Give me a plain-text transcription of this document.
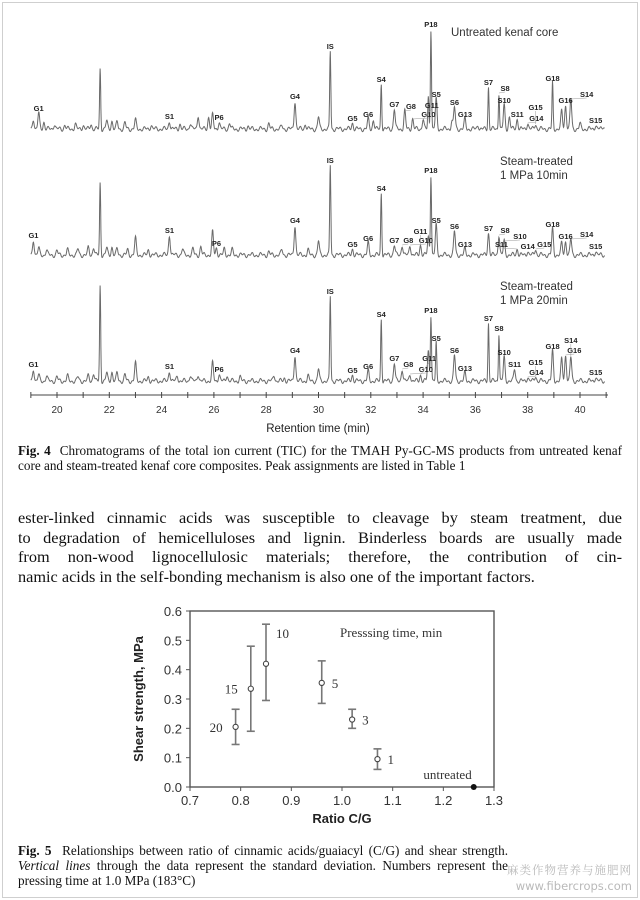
G1
S1	P6
G4
IS
G5 G6
S4
G7 G8
G10
G11
P18
S5
S6
G13
S7
S8
S10
S11 G14
G15
G18
G16
S14
S15
Untreated kenaf core
G1
S1
P6
G4
IS
G5
G6
S4
G7 G8 G10
G11
P18
S5
S6
G13
S7 S8
S10
S11 G14 G15
G18
G16 S14
S15
Steam-treated
1 MPa 10min
G1	S1	P6
G4
IS
G5 G6
S4
G7
G8
G10
G11
P18
S5
S6
G13
S7
S8
S10
S11
G14
G15
G18 G16
S14
S15
Steam-treated
1 MPa 20min
20	22	24	26	28	30	32	34	36	38	40
Retention time (min)
Fig. 4 Chromatograms of the total ion current (TIC) for the TMAH Py-GC-MS products from untreated kenaf core and steam-treated kenaf core composites. Peak assignments are listed in Table 1

ester-linked cinnamic acids was susceptible to cleavage by steam treatment, due

to degradation of hemicelluloses and lignin. Binderless boards are usually made

from non-wood lignocellulosic materials; therefore, the contribution of cin-

namic acids in the self-bonding mechanism is also one of the important factors.

0.0
0.1
0.2
0.3
0.4
0.5
0.6
0.7	0.8	0.9	1.0	1.1	1.2	1.3
Ratio C/G
Shear strength, MPa
Presssing time, min
20
15
10
5
3
1
untreated
Fig. 5 Relationships between ratio of cinnamic acids/guaiacyl (C/G) and shear strength. Vertical lines through the data represent the standard deviation. Numbers represent the pressing time at 1.0 MPa (183°C)
麻类作物营养与施肥网
www.fibercrops.com
